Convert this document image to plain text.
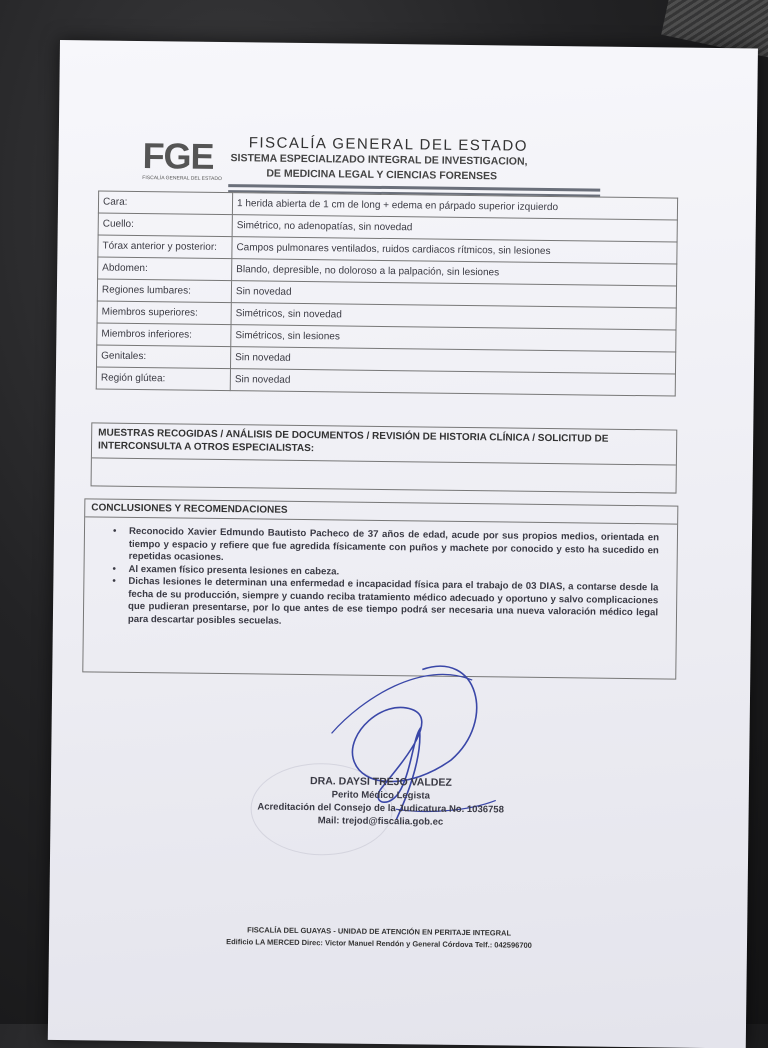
FGE
FISCALÍA GENERAL DEL ESTADO
FISCALÍA GENERAL DEL ESTADO
SISTEMA ESPECIALIZADO INTEGRAL DE INVESTIGACION,
DE MEDICINA LEGAL Y CIENCIAS FORENSES
Cara:	1 herida abierta de 1 cm de long + edema en párpado superior izquierdo
Cuello:	Simétrico, no adenopatías, sin novedad
Tórax anterior y posterior:	Campos pulmonares ventilados, ruidos cardiacos rítmicos, sin lesiones
Abdomen:	Blando, depresible, no doloroso a la palpación, sin lesiones
Regiones lumbares:	Sin novedad
Miembros superiores:	Simétricos, sin novedad
Miembros inferiores:	Simétricos, sin lesiones
Genitales:	Sin novedad
Región glútea:	Sin novedad
MUESTRAS RECOGIDAS / ANÁLISIS DE DOCUMENTOS / REVISIÓN DE HISTORIA CLÍNICA / SOLICITUD DE INTERCONSULTA A OTROS ESPECIALISTAS:
CONCLUSIONES Y RECOMENDACIONES
• Reconocido Xavier Edmundo Bautisto Pacheco de 37 años de edad, acude por sus propios medios, orientada en tiempo y espacio y refiere que fue agredida físicamente con puños y machete por conocido y esto ha sucedido en repetidas ocasiones.
• Al examen físico presenta lesiones en cabeza.
• Dichas lesiones le determinan una enfermedad e incapacidad física para el trabajo de 03 DIAS, a contarse desde la fecha de su producción, siempre y cuando reciba tratamiento médico adecuado y oportuno y salvo complicaciones que pudieran presentarse, por lo que antes de ese tiempo podrá ser necesaria una nueva valoración médico legal para descartar posibles secuelas.
DRA. DAYSI TREJO VALDEZ
Perito Médico Legista
Acreditación del Consejo de la Judicatura No. 1036758
Mail: trejod@fiscalia.gob.ec
FISCALÍA DEL GUAYAS - UNIDAD DE ATENCIÓN EN PERITAJE INTEGRAL
Edificio LA MERCED Direc: Victor Manuel Rendón y General Córdova Telf.: 042596700
